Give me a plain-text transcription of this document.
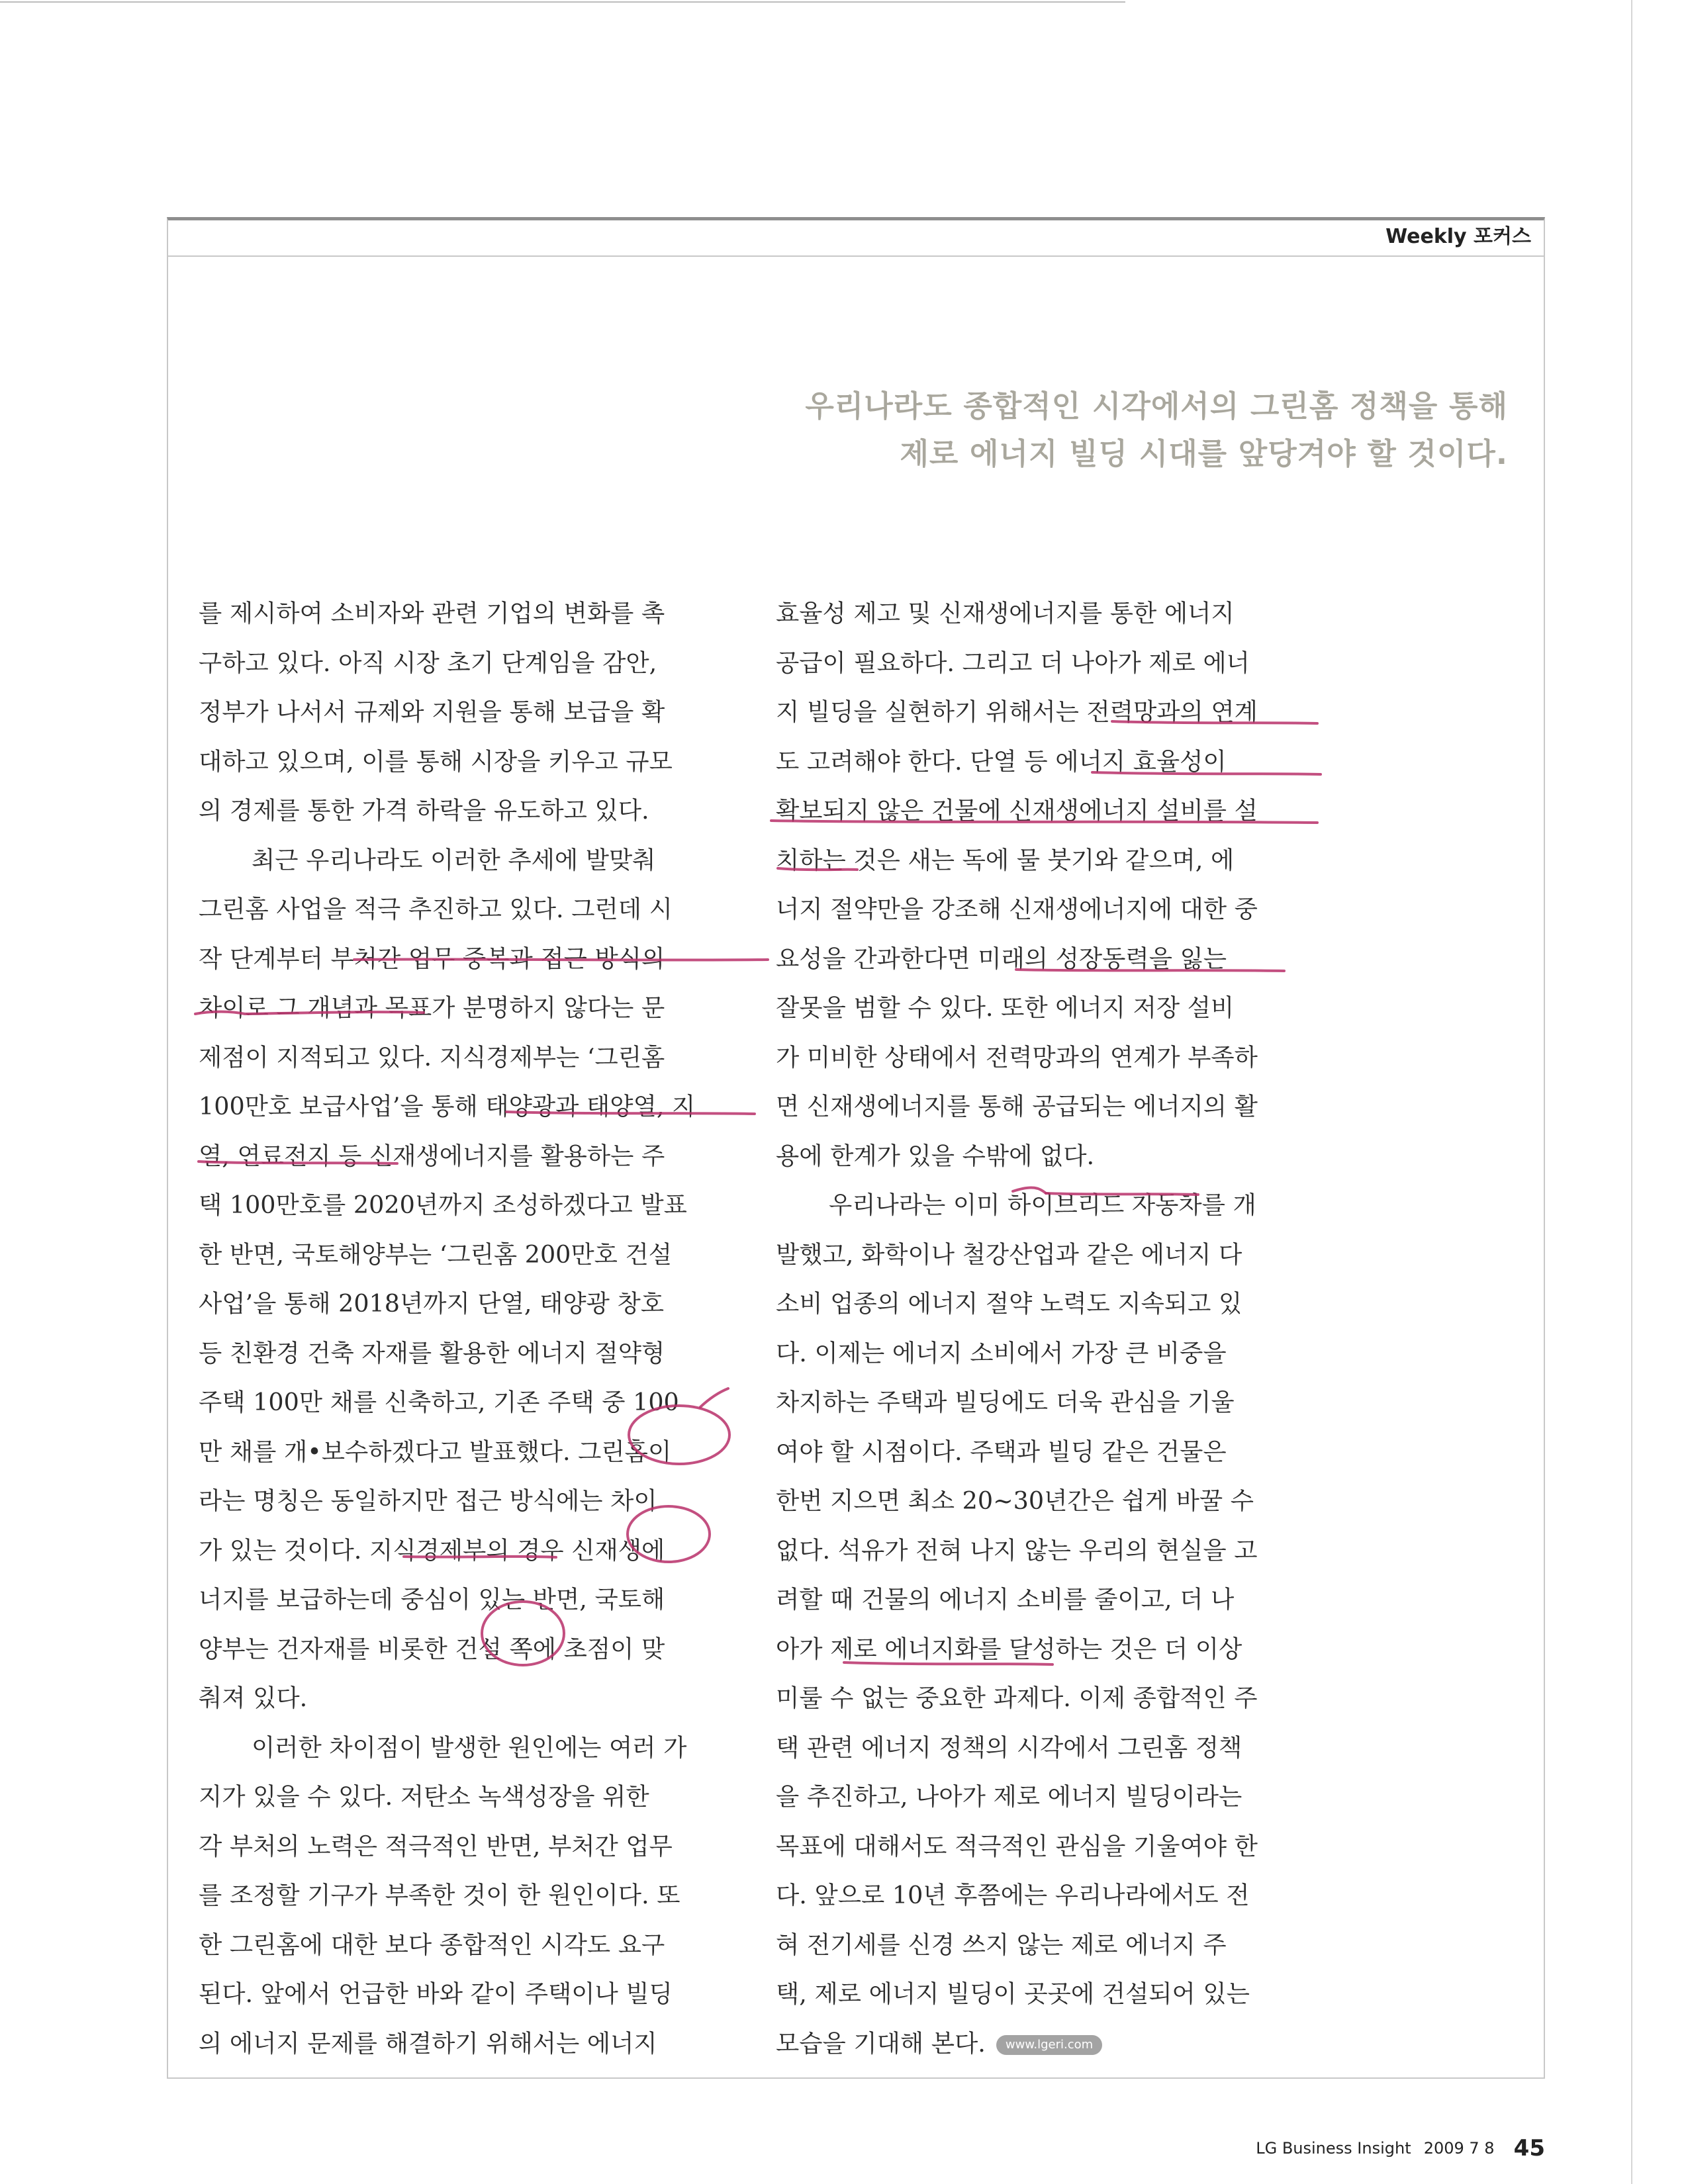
Weekly 포커스
우리나라도 종합적인 시각에서의 그린홈 정책을 통해
제로 에너지 빌딩 시대를 앞당겨야 할 것이다.
를 제시하여 소비자와 관련 기업의 변화를 촉
구하고 있다. 아직 시장 초기 단계임을 감안,
정부가 나서서 규제와 지원을 통해 보급을 확
대하고 있으며, 이를 통해 시장을 키우고 규모
의 경제를 통한 가격 하락을 유도하고 있다.
최근 우리나라도 이러한 추세에 발맞춰
그린홈 사업을 적극 추진하고 있다. 그런데 시
작 단계부터 부처간 업무 중복과 접근 방식의
차이로 그 개념과 목표가 분명하지 않다는 문
제점이 지적되고 있다. 지식경제부는 ‘그린홈
100만호 보급사업’을 통해 태양광과 태양열, 지
열, 연료전지 등 신재생에너지를 활용하는 주
택 100만호를 2020년까지 조성하겠다고 발표
한 반면, 국토해양부는 ‘그린홈 200만호 건설
사업’을 통해 2018년까지 단열, 태양광 창호
등 친환경 건축 자재를 활용한 에너지 절약형
주택 100만 채를 신축하고, 기존 주택 중 100
만 채를 개•보수하겠다고 발표했다. 그린홈이
라는 명칭은 동일하지만 접근 방식에는 차이
가 있는 것이다. 지식경제부의 경우 신재생에
너지를 보급하는데 중심이 있는 반면, 국토해
양부는 건자재를 비롯한 건설 쪽에 초점이 맞
춰져 있다.
이러한 차이점이 발생한 원인에는 여러 가
지가 있을 수 있다. 저탄소 녹색성장을 위한
각 부처의 노력은 적극적인 반면, 부처간 업무
를 조정할 기구가 부족한 것이 한 원인이다. 또
한 그린홈에 대한 보다 종합적인 시각도 요구
된다. 앞에서 언급한 바와 같이 주택이나 빌딩
의 에너지 문제를 해결하기 위해서는 에너지
효율성 제고 및 신재생에너지를 통한 에너지
공급이 필요하다. 그리고 더 나아가 제로 에너
지 빌딩을 실현하기 위해서는 전력망과의 연계
도 고려해야 한다. 단열 등 에너지 효율성이
확보되지 않은 건물에 신재생에너지 설비를 설
치하는 것은 새는 독에 물 붓기와 같으며, 에
너지 절약만을 강조해 신재생에너지에 대한 중
요성을 간과한다면 미래의 성장동력을 잃는
잘못을 범할 수 있다. 또한 에너지 저장 설비
가 미비한 상태에서 전력망과의 연계가 부족하
면 신재생에너지를 통해 공급되는 에너지의 활
용에 한계가 있을 수밖에 없다.
우리나라는 이미 하이브리드 자동차를 개
발했고, 화학이나 철강산업과 같은 에너지 다
소비 업종의 에너지 절약 노력도 지속되고 있
다. 이제는 에너지 소비에서 가장 큰 비중을
차지하는 주택과 빌딩에도 더욱 관심을 기울
여야 할 시점이다. 주택과 빌딩 같은 건물은
한번 지으면 최소 20~30년간은 쉽게 바꿀 수
없다. 석유가 전혀 나지 않는 우리의 현실을 고
려할 때 건물의 에너지 소비를 줄이고, 더 나
아가 제로 에너지화를 달성하는 것은 더 이상
미룰 수 없는 중요한 과제다. 이제 종합적인 주
택 관련 에너지 정책의 시각에서 그린홈 정책
을 추진하고, 나아가 제로 에너지 빌딩이라는
목표에 대해서도 적극적인 관심을 기울여야 한
다. 앞으로 10년 후쯤에는 우리나라에서도 전
혀 전기세를 신경 쓰지 않는 제로 에너지 주
택, 제로 에너지 빌딩이 곳곳에 건설되어 있는
모습을 기대해 본다. www.lgeri.com
LG Business Insight 2009 7 8 45
